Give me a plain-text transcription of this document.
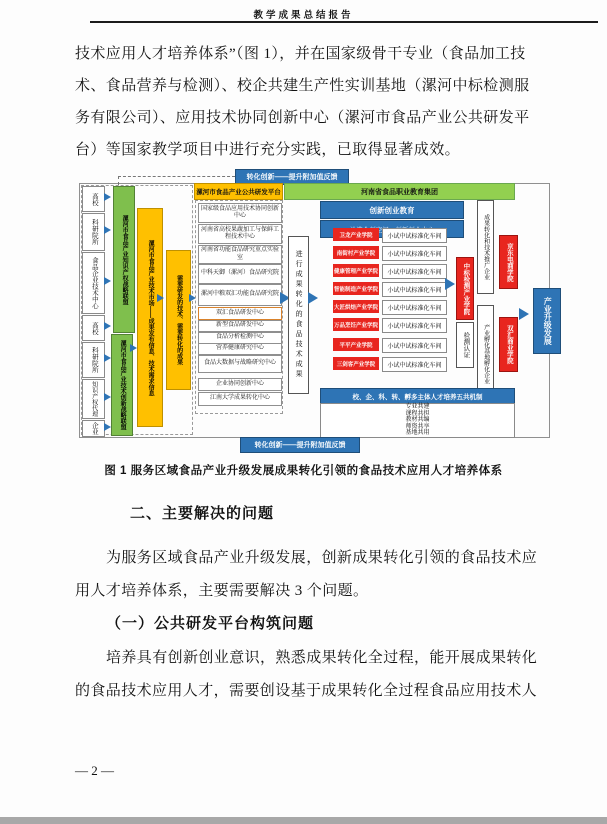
教学成果总结报告
技术应用人才培养体系”（图 1），并在国家级骨干专业（食品加工技
术、食品营养与检测）、校企共建生产性实训基地（漯河中标检测服
务有限公司）、应用技术协同创新中心（漯河市食品产业公共研发平
台）等国家教学项目中进行充分实践，已取得显著成效。
转化创新——提升附加值反馈
高校
科研院所
食品企业技术中心
高校
科研院所
知识产权代理
企业
漯河市食品产业知识产权战略联盟
漯河市食品产业技术创新战略联盟	漯河市食品产业技术市场——成果发布信息、技术需求信息	需要研发的技术、需要转化的成果
漯河市食品产业公共研发平台
国家级食品应用技术协同创新中心
河南省高校果蔬加工与保鲜工程技术中心
河南省功能食品研究重点实验室
中科天御（漯河）食品研究院
漯河中粮双汇功能食品研究院
双汇食品研发中心
新型食品研发中心
食品分析检测中心
营养健康研究中心
食品大数据与战略研究中心
企业协同创新中心
江南大学成果转化中心
进行成果转化的食品技术成果
河南省食品职业教育集团
创新创业教育
卫龙产业学院	小试中试标准化车间
南街村产业学院	小试中试标准化车间
健康管理产业学院	小试中试标准化车间
智能制造产业学院	小试中试标准化车间
大匠烘焙产业学院	小试中试标准化车间
万品烹饪产业学院	小试中试标准化车间
平平产业学院	小试中试标准化车间
三剑客产业学院	小试中试标准化车间
中标检测产业学院
检测认证
成果转化和技术推广企业
产业孵化基地孵化企业
京东电商学院
双汇商业学院	产业升级发展
校、企、科、转、孵多主体人才培养五共机制
专业共建
课程共担
教材共编
师资共享
基地共用
转化创新——提升附加值反馈
图 1 服务区域食品产业升级发展成果转化引领的食品技术应用人才培养体系
二、主要解决的问题
为服务区域食品产业升级发展，创新成果转化引领的食品技术应
用人才培养体系，主要需要解决 3 个问题。
（一）公共研发平台构筑问题
培养具有创新创业意识，熟悉成果转化全过程，能开展成果转化
的食品技术应用人才，需要创设基于成果转化全过程食品应用技术人
— 2 —
